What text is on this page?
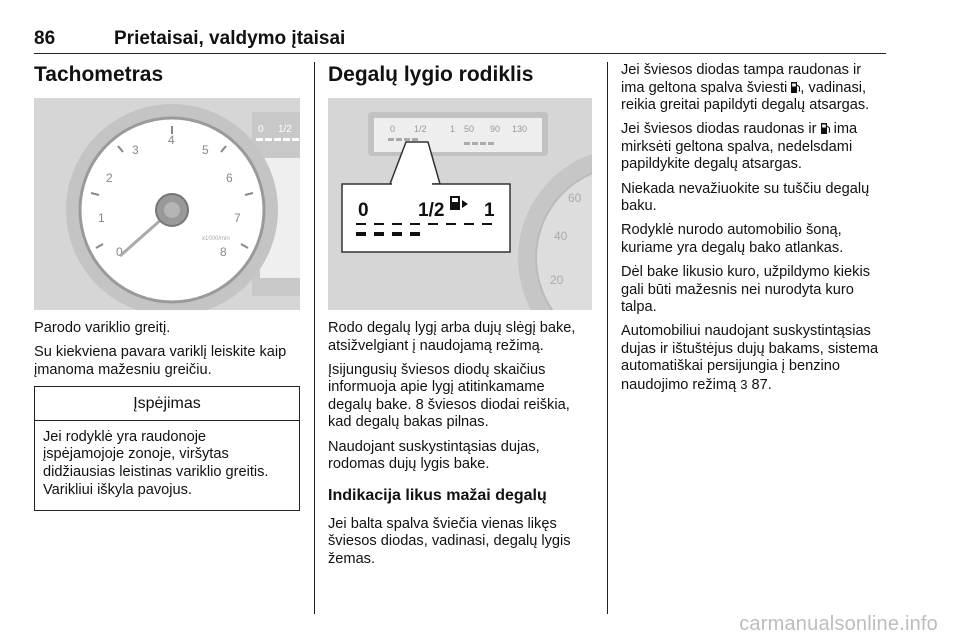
86	Prietaisai, valdymo įtaisai
Tachometras
0 1/2
0
1
2
3
4
5
6
7
8
x1000/min

Parodo variklio greitį.

Su kiekviena pavara variklį leiskite kaip įmanoma mažesniu greičiu.

Įspėjimas

Jei rodyklė yra raudonoje įspėjamojoje zonoje, viršytas didžiausias leistinas variklio greitis. Varikliui iškyla pavojus.

Degalų lygio rodiklis
0 1/2	1 50 90 130
20
40
60
0	1/2 1

Rodo degalų lygį arba dujų slėgį bake, atsižvelgiant į naudojamą režimą.

Įsijungusių šviesos diodų skaičius informuoja apie lygį atitinkamame degalų bake. 8 šviesos diodai reiškia, kad degalų bakas pilnas.

Naudojant suskystintąsias dujas, rodomas dujų lygis bake.

Indikacija likus mažai degalų

Jei balta spalva šviečia vienas likęs šviesos diodas, vadinasi, degalų lygis žemas.

Jei šviesos diodas tampa raudonas ir ima geltona spalva šviesti , vadinasi, reikia greitai papildyti degalų atsargas.

Jei šviesos diodas raudonas ir ima mirksėti geltona spalva, nedelsdami papildykite degalų atsargas.

Niekada nevažiuokite su tuščiu degalų baku.

Rodyklė nurodo automobilio šoną, kuriame yra degalų bako atlankas.

Dėl bake likusio kuro, užpildymo kiekis gali būti mažesnis nei nurodyta kuro talpa.

Automobiliui naudojant suskystintąsias dujas ir ištuštėjus dujų bakams, sistema automatiškai persijungia į benzino naudojimo režimą 3 87.

carmanualsonline.info
